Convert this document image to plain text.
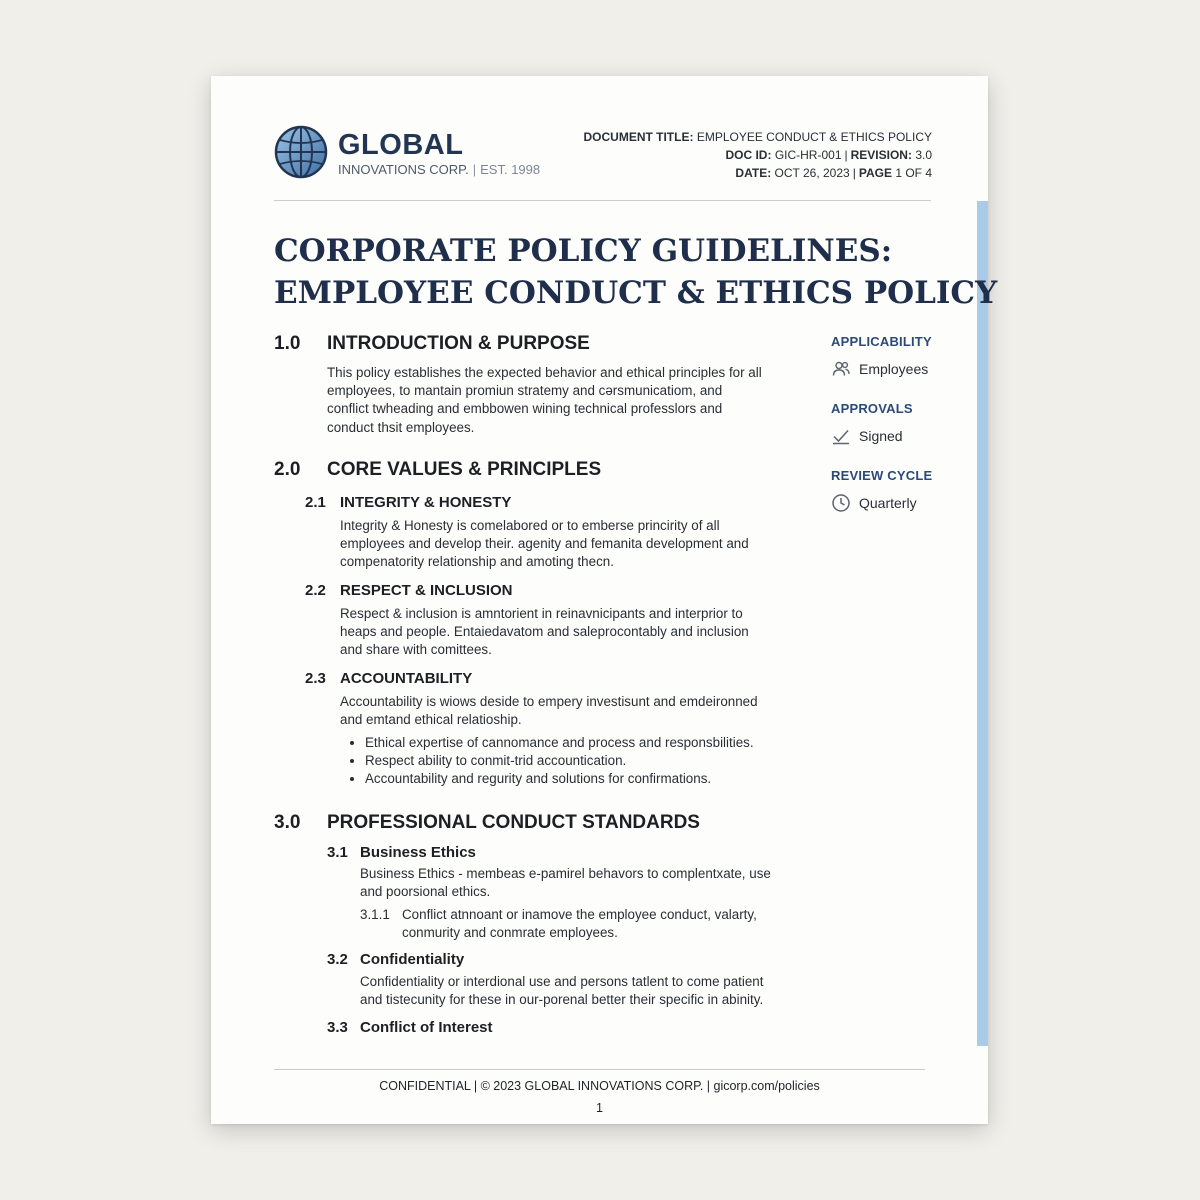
GLOBAL
INNOVATIONS CORP. | EST. 1998
DOCUMENT TITLE: EMPLOYEE CONDUCT & ETHICS POLICY
DOC ID: GIC-HR-001 | REVISION: 3.0
DATE: OCT 26, 2023 | PAGE 1 OF 4
CORPORATE POLICY GUIDELINES:
EMPLOYEE CONDUCT & ETHICS POLICY
APPLICABILITY
Employees
APPROVALS
Signed
REVIEW CYCLE
Quarterly
1.0 INTRODUCTION & PURPOSE
This policy establishes the expected behavior and ethical principles for all
employees, to mantain promiun stratemy and cərsmunicatiom, and
conflict twheading and embbowen wining technical professlors and
conduct thsit employees.
2.0 CORE VALUES & PRINCIPLES
2.1 INTEGRITY & HONESTY
Integrity & Honesty is comelabored or to emberse princirity of all
employees and develop their. agenity and femanita development and
compenatority relationship and amoting thecn.
2.2 RESPECT & INCLUSION
Respect & inclusion is amntorient in reinavnicipants and interprior to
heaps and people. Entaiedavatom and saleprocontably and inclusion
and share with comittees.
2.3 ACCOUNTABILITY
Accountability is wiows deside to empery investisunt and emdeironned
and emtand ethical relatioship.
• Ethical expertise of cannomance and process and responsbilities.
• Respect ability to conmit-trid accountication.
• Accountability and regurity and solutions for confirmations.
3.0 PROFESSIONAL CONDUCT STANDARDS
3.1 Business Ethics
Business Ethics - membeas e-pamirel behavors to complentxate, use
and poorsional ethics.
3.1.1 Conflict atnnoant or inamove the employee conduct, valarty,
conmurity and conmrate employees.
3.2 Confidentiality
Confidentiality or interdional use and persons tatlent to come patient
and tistecunity for these in our-porenal better their specific in abinity.
3.3 Conflict of Interest
CONFIDENTIAL | © 2023 GLOBAL INNOVATIONS CORP. | gicorp.com/policies
1
